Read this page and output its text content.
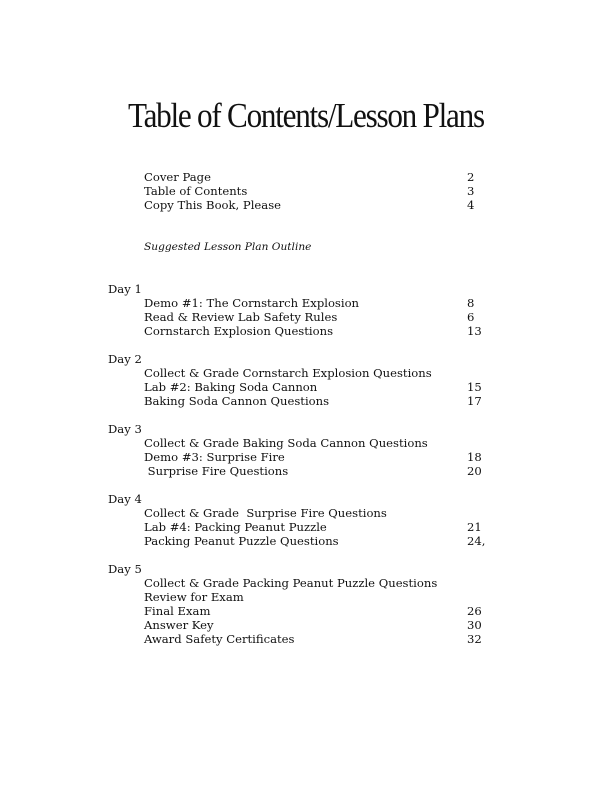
Table of Contents/Lesson Plans
Cover Page	2
Table of Contents	3
Copy This Book, Please	4
Suggested Lesson Plan Outline
Day 1
Demo #1: The Cornstarch Explosion	8
Read & Review Lab Safety Rules	6
Cornstarch Explosion Questions	13
Day 2
Collect & Grade Cornstarch Explosion Questions
Lab #2: Baking Soda Cannon	15
Baking Soda Cannon Questions	17
Day 3
Collect & Grade Baking Soda Cannon Questions
Demo #3: Surprise Fire	18
Surprise Fire Questions	20
Day 4
Collect & Grade  Surprise Fire Questions
Lab #4: Packing Peanut Puzzle	21
Packing Peanut Puzzle Questions	24,
Day 5
Collect & Grade Packing Peanut Puzzle Questions
Review for Exam
Final Exam	26
Answer Key	30
Award Safety Certificates	32
